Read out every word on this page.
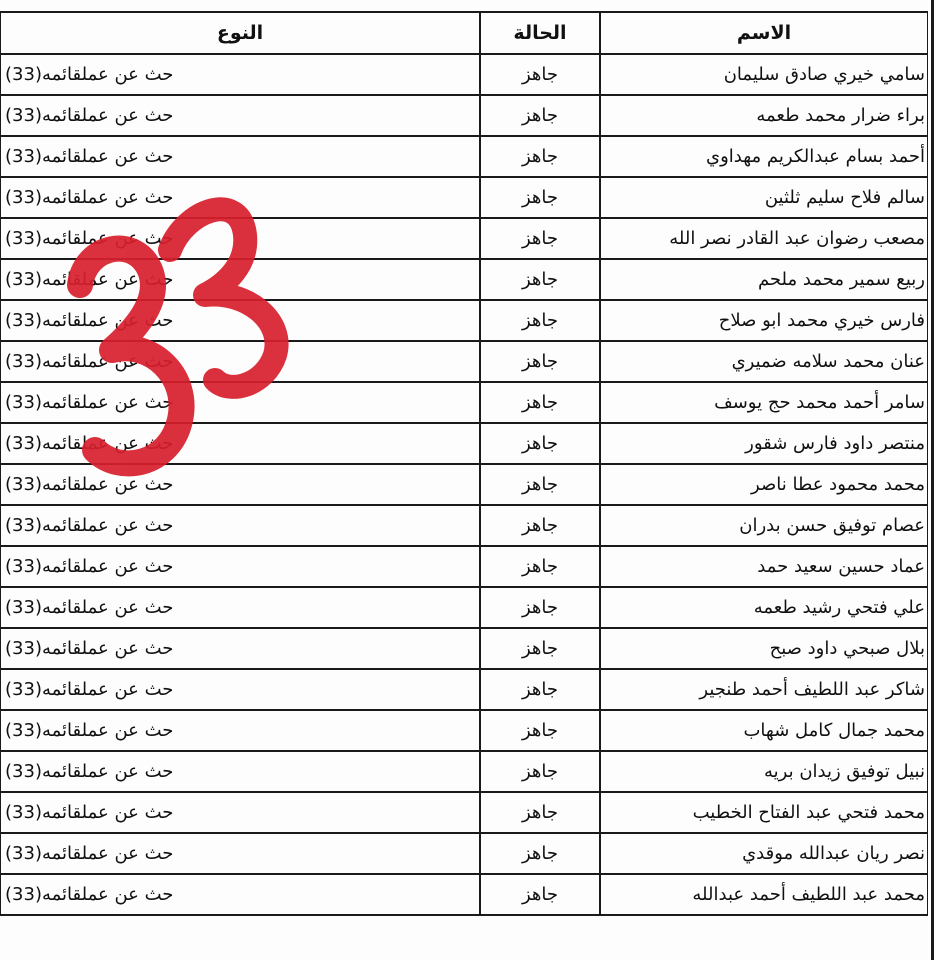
	النوع	الحالة	الاسم
	حث عن عملقائمه(33)	جاهز	سامي خيري صادق سليمان
	حث عن عملقائمه(33)	جاهز	براء ضرار محمد طعمه
	حث عن عملقائمه(33)	جاهز	أحمد بسام عبدالكريم مهداوي
	حث عن عملقائمه(33)	جاهز	سالم فلاح سليم ثلثين
	حث عن عملقائمه(33)	جاهز	مصعب رضوان عبد القادر نصر الله
	حث عن عملقائمه(33)	جاهز	ربيع سمير محمد ملحم
	حث عن عملقائمه(33)	جاهز	فارس خيري محمد ابو صلاح
	حث عن عملقائمه(33)	جاهز	عنان محمد سلامه ضميري
	حث عن عملقائمه(33)	جاهز	سامر أحمد محمد حج يوسف
	حث عن عملقائمه(33)	جاهز	منتصر داود فارس شقور
	حث عن عملقائمه(33)	جاهز	محمد محمود عطا ناصر
	حث عن عملقائمه(33)	جاهز	عصام توفيق حسن بدران
	حث عن عملقائمه(33)	جاهز	عماد حسين سعيد حمد
	حث عن عملقائمه(33)	جاهز	علي فتحي رشيد طعمه
	حث عن عملقائمه(33)	جاهز	بلال صبحي داود صبح
	حث عن عملقائمه(33)	جاهز	شاكر عبد اللطيف أحمد طنجير
	حث عن عملقائمه(33)	جاهز	محمد جمال كامل شهاب
	حث عن عملقائمه(33)	جاهز	نبيل توفيق زيدان بريه
	حث عن عملقائمه(33)	جاهز	محمد فتحي عبد الفتاح الخطيب
	حث عن عملقائمه(33)	جاهز	نصر ريان عبدالله موقدي
	حث عن عملقائمه(33)	جاهز	محمد عبد اللطيف أحمد عبدالله
